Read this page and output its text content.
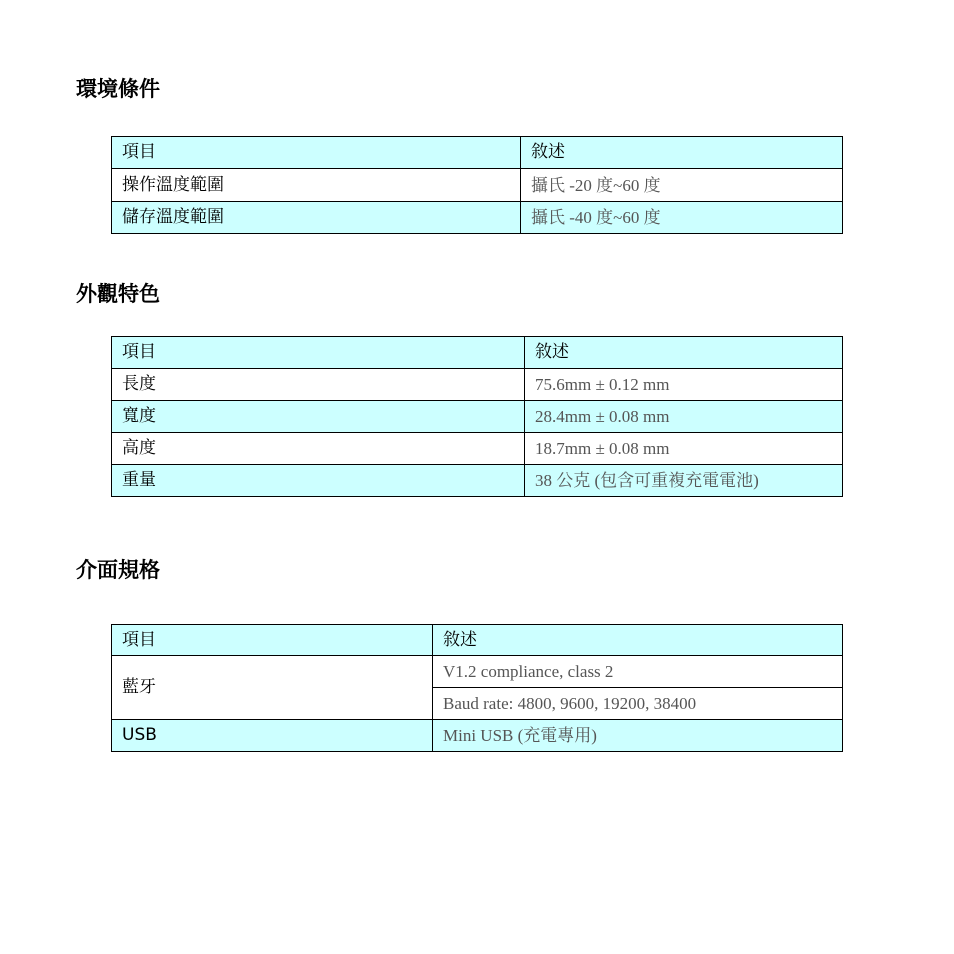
環境條件
項目	敘述
操作溫度範圍	攝氏 -20 度~60 度
儲存溫度範圍	攝氏 -40 度~60 度
外觀特色
項目	敘述
長度	75.6mm ± 0.12 mm
寬度	28.4mm ± 0.08 mm
高度	18.7mm ± 0.08 mm
重量	38 公克 (包含可重複充電電池)
介面規格
項目	敘述
藍牙	V1.2 compliance, class 2
	Baud rate: 4800, 9600, 19200, 38400
USB	Mini USB (充電專用)
